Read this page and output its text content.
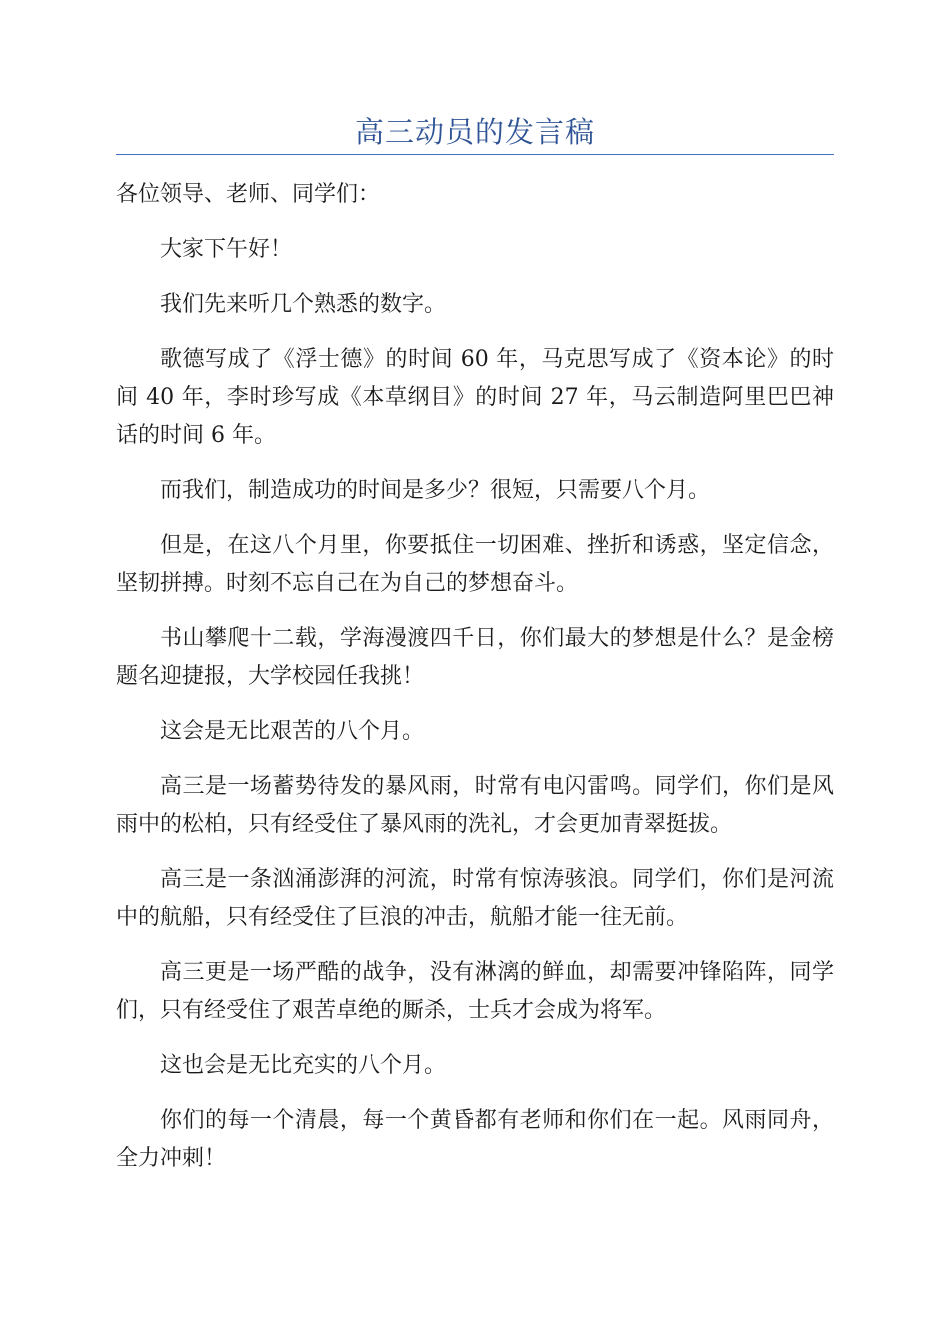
高三动员的发言稿

各位领导、老师、同学们：

大家下午好！

我们先来听几个熟悉的数字。

歌德写成了《浮士德》的时间 60 年，马克思写成了《资本论》的时间 40 年，李时珍写成《本草纲目》的时间 27 年，马云制造阿里巴巴神话的时间 6 年。

而我们，制造成功的时间是多少？很短，只需要八个月。

但是，在这八个月里，你要抵住一切困难、挫折和诱惑，坚定信念，坚韧拼搏。时刻不忘自己在为自己的梦想奋斗。

书山攀爬十二载，学海漫渡四千日，你们最大的梦想是什么？是金榜题名迎捷报，大学校园任我挑！

这会是无比艰苦的八个月。

高三是一场蓄势待发的暴风雨，时常有电闪雷鸣。同学们，你们是风雨中的松柏，只有经受住了暴风雨的洗礼，才会更加青翠挺拔。

高三是一条汹涌澎湃的河流，时常有惊涛骇浪。同学们，你们是河流中的航船，只有经受住了巨浪的冲击，航船才能一往无前。

高三更是一场严酷的战争，没有淋漓的鲜血，却需要冲锋陷阵，同学们，只有经受住了艰苦卓绝的厮杀，士兵才会成为将军。

这也会是无比充实的八个月。

你们的每一个清晨，每一个黄昏都有老师和你们在一起。风雨同舟，全力冲刺！
